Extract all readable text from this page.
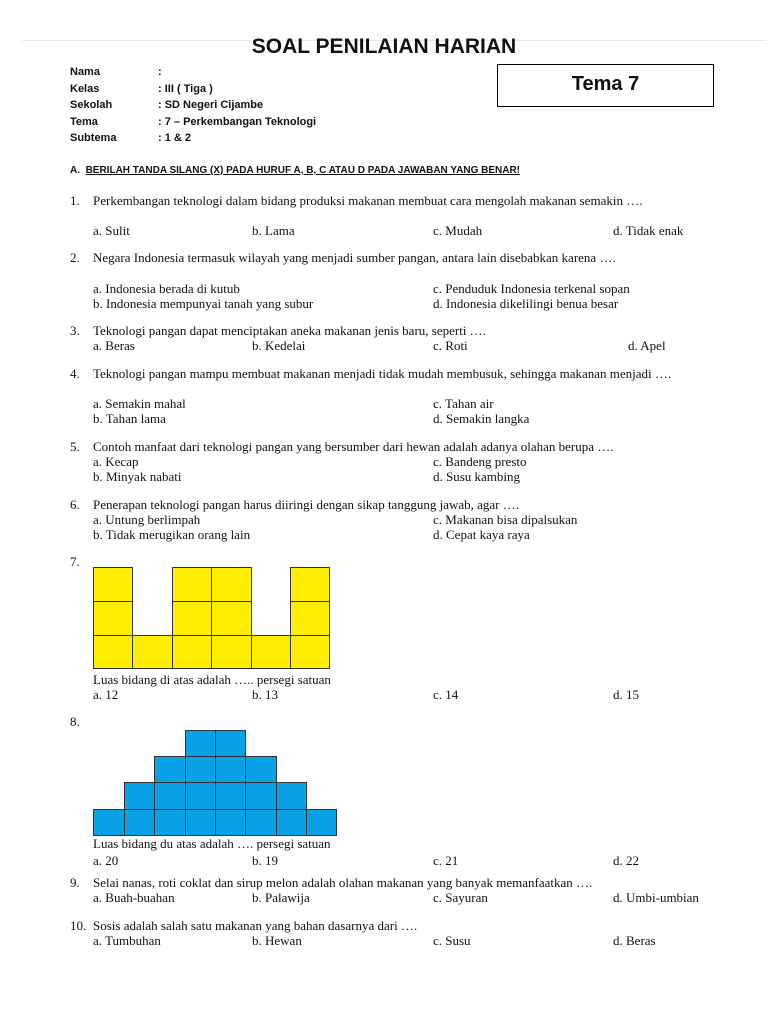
SOAL PENILAIAN HARIAN
Nama	:
Kelas	: III ( Tiga )
Sekolah	: SD Negeri Cijambe
Tema	: 7 – Perkembangan Teknologi
Subtema	: 1 & 2
Tema 7
A. BERILAH TANDA SILANG (X) PADA HURUF A, B, C ATAU D PADA JAWABAN YANG BENAR!
1. Perkembangan teknologi dalam bidang produksi makanan membuat cara mengolah makanan semakin ….
a. Sulit	b. Lama	c. Mudah	d. Tidak enak
2. Negara Indonesia termasuk wilayah yang menjadi sumber pangan, antara lain disebabkan karena ….
a. Indonesia berada di kutub	c. Penduduk Indonesia terkenal sopan
b. Indonesia mempunyai tanah yang subur	d. Indonesia dikelilingi benua besar
3. Teknologi pangan dapat menciptakan aneka makanan jenis baru, seperti ….
a. Beras	b. Kedelai	c. Roti	d. Apel
4. Teknologi pangan mampu membuat makanan menjadi tidak mudah membusuk, sehingga makanan menjadi ….
a. Semakin mahal	c. Tahan air
b. Tahan lama	d. Semakin langka
5. Contoh manfaat dari teknologi pangan yang bersumber dari hewan adalah adanya olahan berupa ….
a. Kecap	c. Bandeng presto
b. Minyak nabati	d. Susu kambing
6. Penerapan teknologi pangan harus diiringi dengan sikap tanggung jawab, agar ….
a. Untung berlimpah	c. Makanan bisa dipalsukan
b. Tidak merugikan orang lain	d. Cepat kaya raya
7.
Luas bidang di atas adalah ….. persegi satuan
a. 12	b. 13	c. 14	d. 15
8.
Luas bidang du atas adalah …. persegi satuan
a. 20	b. 19	c. 21	d. 22
9. Selai nanas, roti coklat dan sirup melon adalah olahan makanan yang banyak memanfaatkan ….
a. Buah-buahan	b. Palawija	c. Sayuran	d. Umbi-umbian
10. Sosis adalah salah satu makanan yang bahan dasarnya dari ….
a. Tumbuhan	b. Hewan	c. Susu	d. Beras
